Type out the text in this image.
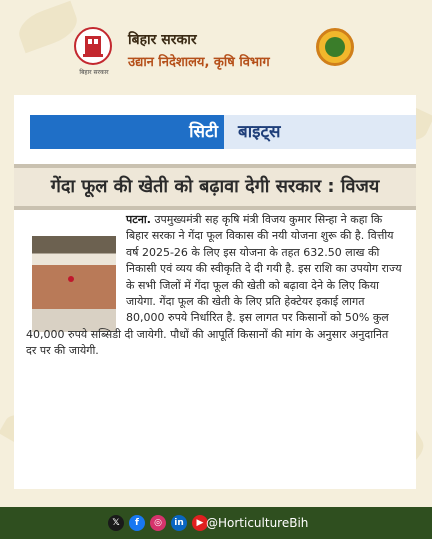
बिहार सरकार
बिहार सरकार
उद्यान निदेशालय, कृषि विभाग
सिटी	बाइट्स
गेंदा फूल की खेती को बढ़ावा देगी सरकार : विजय
पटना. उपमुख्यमंत्री सह कृषि मंत्री विजय कुमार सिन्हा ने कहा कि बिहार सरका ने गेंदा फूल विकास की नयी योजना शुरू की है. वित्तीय वर्ष 2025-26 के लिए इस योजना के तहत 632.50 लाख की निकासी एवं व्यय की स्वीकृति दे दी गयी है. इस राशि का उपयोग राज्य के सभी जिलों में गेंदा फूल की खेती को बढ़ावा देने के लिए किया जायेगा. गेंदा फूल की खेती के लिए प्रति हेक्टेयर इकाई लागत 80,000 रुपये निर्धारित है. इस लागत पर किसानों को 50% कुल 40,000 रुपये सब्सिडी दी जायेगी. पौधों की आपूर्ति किसानों की मांग के अनुसार अनुदानित दर पर की जायेगी.
𝕏	f	◎	in	▶ @HorticultureBih
